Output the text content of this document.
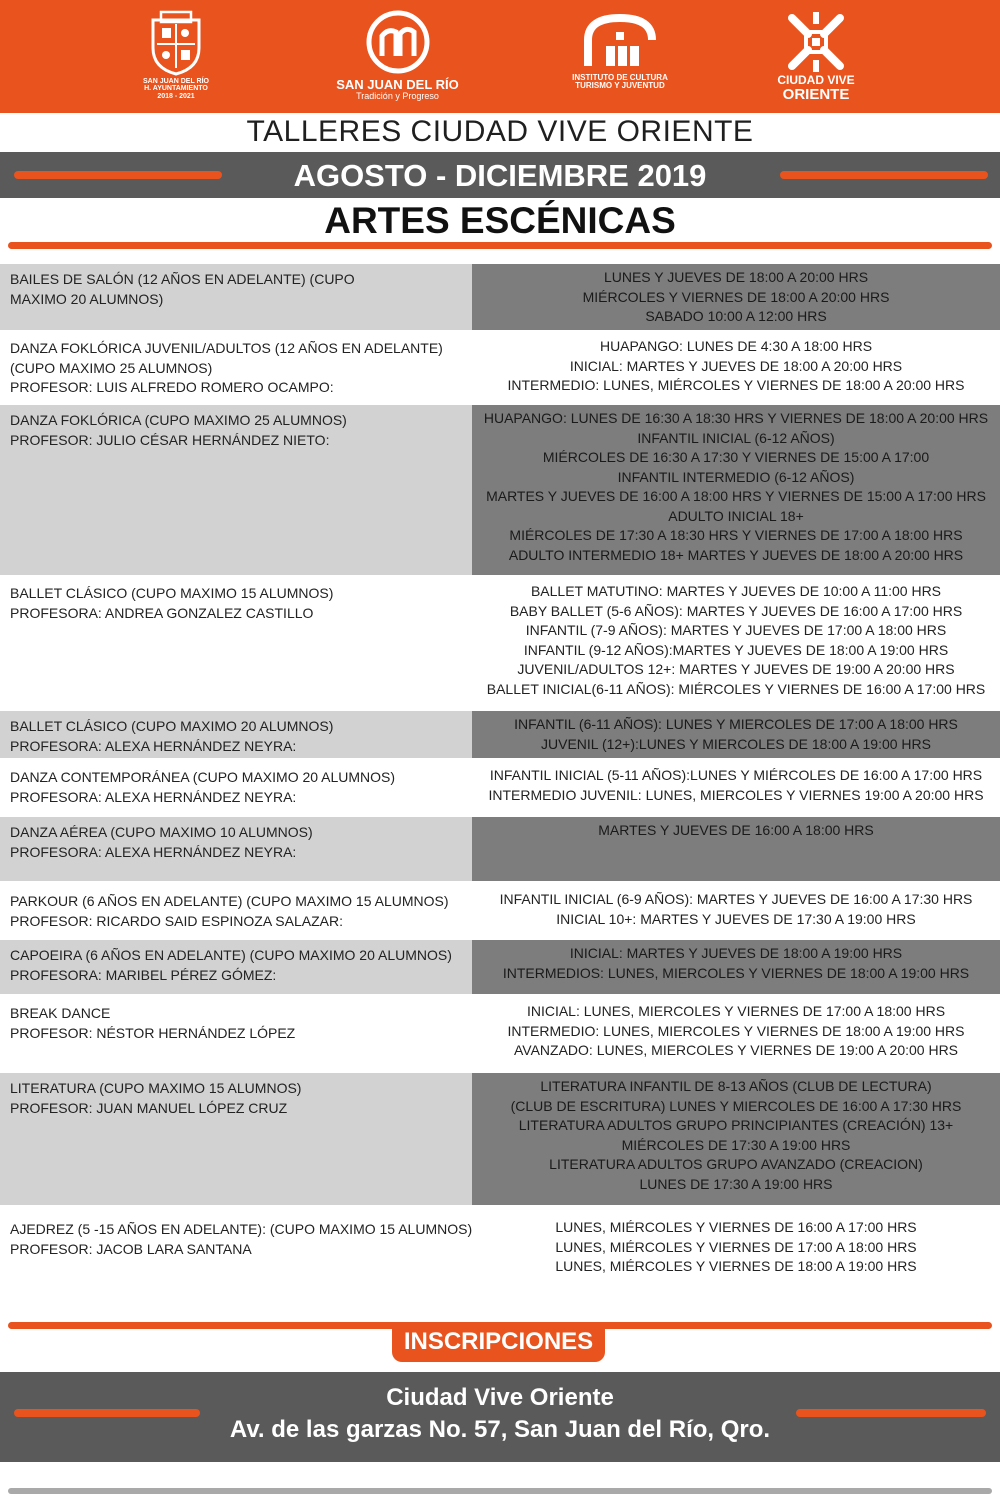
SAN JUAN DEL RÍO
H. AYUNTAMIENTO
2018 - 2021
SAN JUAN DEL RÍO
Tradición y Progreso
INSTITUTO DE CULTURA
TURISMO Y JUVENTUD	CIUDAD VIVE
ORIENTE
TALLERES CIUDAD VIVE ORIENTE
AGOSTO - DICIEMBRE 2019
ARTES ESCÉNICAS
BAILES DE SALÓN (12 AÑOS EN ADELANTE) (CUPO
MAXIMO 20 ALUMNOS)
LUNES Y JUEVES DE 18:00 A 20:00 HRS
MIÉRCOLES Y VIERNES DE 18:00 A 20:00 HRS
SABADO 10:00 A 12:00 HRS
DANZA FOKLÓRICA JUVENIL/ADULTOS (12 AÑOS EN ADELANTE)
(CUPO MAXIMO 25 ALUMNOS)
PROFESOR: LUIS ALFREDO ROMERO OCAMPO:
HUAPANGO: LUNES DE 4:30 A 18:00 HRS
INICIAL: MARTES Y JUEVES DE 18:00 A 20:00 HRS
INTERMEDIO: LUNES, MIÉRCOLES Y VIERNES DE 18:00 A 20:00 HRS
DANZA FOKLÓRICA (CUPO MAXIMO 25 ALUMNOS)
PROFESOR: JULIO CÉSAR HERNÁNDEZ NIETO:
HUAPANGO: LUNES DE 16:30 A 18:30 HRS Y VIERNES DE 18:00 A 20:00 HRS
INFANTIL INICIAL (6-12 AÑOS)
MIÉRCOLES DE 16:30 A 17:30 Y VIERNES DE 15:00 A 17:00
INFANTIL INTERMEDIO (6-12 AÑOS)
MARTES Y JUEVES DE 16:00 A 18:00 HRS Y VIERNES DE 15:00 A 17:00 HRS
ADULTO INICIAL 18+
MIÉRCOLES DE 17:30 A 18:30 HRS Y VIERNES DE 17:00 A 18:00 HRS
ADULTO INTERMEDIO 18+ MARTES Y JUEVES DE 18:00 A 20:00 HRS
BALLET CLÁSICO (CUPO MAXIMO 15 ALUMNOS)
PROFESORA: ANDREA GONZALEZ CASTILLO
BALLET MATUTINO: MARTES Y JUEVES DE 10:00 A 11:00 HRS
BABY BALLET (5-6 AÑOS): MARTES Y JUEVES DE 16:00 A 17:00 HRS
INFANTIL (7-9 AÑOS): MARTES Y JUEVES DE 17:00 A 18:00 HRS
INFANTIL (9-12 AÑOS):MARTES Y JUEVES DE 18:00 A 19:00 HRS
JUVENIL/ADULTOS 12+: MARTES Y JUEVES DE 19:00 A 20:00 HRS
BALLET INICIAL(6-11 AÑOS): MIÉRCOLES Y VIERNES DE 16:00 A 17:00 HRS
BALLET CLÁSICO (CUPO MAXIMO 20 ALUMNOS)
PROFESORA: ALEXA HERNÁNDEZ NEYRA:
INFANTIL (6-11 AÑOS): LUNES Y MIERCOLES DE 17:00 A 18:00 HRS
JUVENIL (12+):LUNES Y MIERCOLES DE 18:00 A 19:00 HRS
DANZA CONTEMPORÁNEA (CUPO MAXIMO 20 ALUMNOS)
PROFESORA: ALEXA HERNÁNDEZ NEYRA:
INFANTIL INICIAL (5-11 AÑOS):LUNES Y MIÉRCOLES DE 16:00 A 17:00 HRS
INTERMEDIO JUVENIL: LUNES, MIERCOLES Y VIERNES 19:00 A 20:00 HRS
DANZA AÉREA (CUPO MAXIMO 10 ALUMNOS)
PROFESORA: ALEXA HERNÁNDEZ NEYRA:
MARTES Y JUEVES DE 16:00 A 18:00 HRS
PARKOUR (6 AÑOS EN ADELANTE) (CUPO MAXIMO 15 ALUMNOS)
PROFESOR: RICARDO SAID ESPINOZA SALAZAR:
INFANTIL INICIAL (6-9 AÑOS): MARTES Y JUEVES DE 16:00 A 17:30 HRS
INICIAL 10+: MARTES Y JUEVES DE 17:30 A 19:00 HRS
CAPOEIRA (6 AÑOS EN ADELANTE) (CUPO MAXIMO 20 ALUMNOS)
PROFESORA: MARIBEL PÉREZ GÓMEZ:
INICIAL: MARTES Y JUEVES DE 18:00 A 19:00 HRS
INTERMEDIOS: LUNES, MIERCOLES Y VIERNES DE 18:00 A 19:00 HRS
BREAK DANCE
PROFESOR: NÉSTOR HERNÁNDEZ LÓPEZ
INICIAL: LUNES, MIERCOLES Y VIERNES DE 17:00 A 18:00 HRS
INTERMEDIO: LUNES, MIERCOLES Y VIERNES DE 18:00 A 19:00 HRS
AVANZADO: LUNES, MIERCOLES Y VIERNES DE 19:00 A 20:00 HRS
LITERATURA (CUPO MAXIMO 15 ALUMNOS)
PROFESOR: JUAN MANUEL LÓPEZ CRUZ
LITERATURA INFANTIL DE 8-13 AÑOS (CLUB DE LECTURA)
(CLUB DE ESCRITURA) LUNES Y MIERCOLES DE 16:00 A 17:30 HRS
LITERATURA ADULTOS GRUPO PRINCIPIANTES (CREACIÓN) 13+
MIÉRCOLES DE 17:30 A 19:00 HRS
LITERATURA ADULTOS GRUPO AVANZADO (CREACION)
LUNES DE 17:30 A 19:00 HRS
AJEDREZ (5 -15 AÑOS EN ADELANTE): (CUPO MAXIMO 15 ALUMNOS)
PROFESOR: JACOB LARA SANTANA
LUNES, MIÉRCOLES Y VIERNES DE 16:00 A 17:00 HRS
LUNES, MIÉRCOLES Y VIERNES DE 17:00 A 18:00 HRS
LUNES, MIÉRCOLES Y VIERNES DE 18:00 A 19:00 HRS
INSCRIPCIONES
Ciudad Vive Oriente
Av. de las garzas No. 57, San Juan del Río, Qro.
